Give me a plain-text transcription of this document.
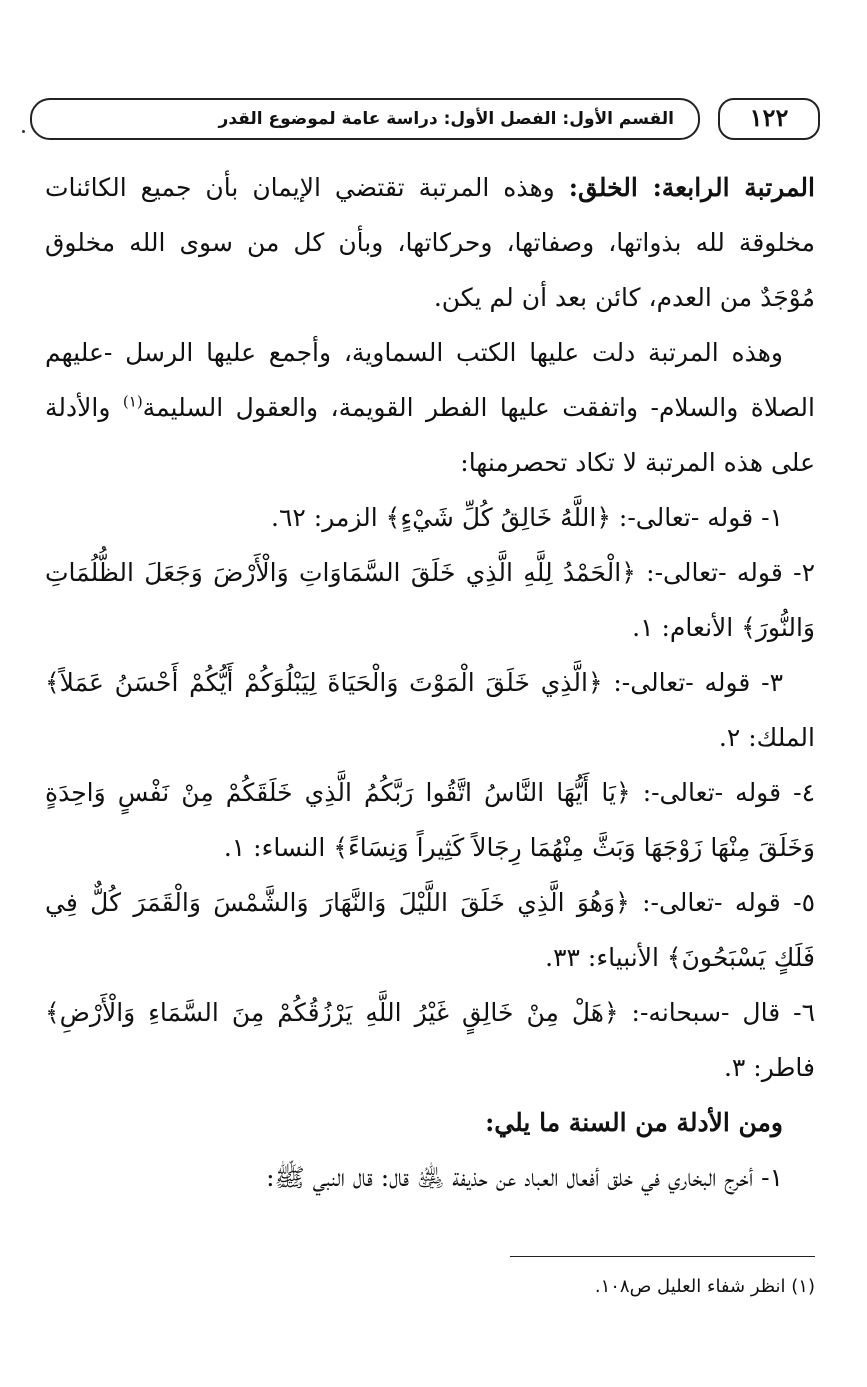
القسم الأول: الفصل الأول: دراسة عامة لموضوع القدر	١٢٢

المرتبة الرابعة: الخلق: وهذه المرتبة تقتضي الإيمان بأن جميع الكائنات مخلوقة لله بذواتها، وصفاتها، وحركاتها، وبأن كل من سوى الله مخلوق مُوْجَدٌ من العدم، كائن بعد أن لم يكن.

وهذه المرتبة دلت عليها الكتب السماوية، وأجمع عليها الرسل -عليهم الصلاة والسلام- واتفقت عليها الفطر القويمة، والعقول السليمة$^{(١)}$ والأدلة على هذه المرتبة لا تكاد تحصرمنها:

١- قوله -تعالى-: ﴿اللَّهُ خَالِقُ كُلِّ شَيْءٍ﴾ الزمر: ٦٢.

٢- قوله -تعالى-: ﴿الْحَمْدُ لِلَّهِ الَّذِي خَلَقَ السَّمَاوَاتِ وَالْأَرْضَ وَجَعَلَ الظُّلُمَاتِ وَالنُّورَ﴾ الأنعام: ١.

٣- قوله -تعالى-: ﴿الَّذِي خَلَقَ الْمَوْتَ وَالْحَيَاةَ لِيَبْلُوَكُمْ أَيُّكُمْ أَحْسَنُ عَمَلاً﴾ الملك: ٢.

٤- قوله -تعالى-: ﴿يَا أَيُّهَا النَّاسُ اتَّقُوا رَبَّكُمُ الَّذِي خَلَقَكُمْ مِنْ نَفْسٍ وَاحِدَةٍ وَخَلَقَ مِنْهَا زَوْجَهَا وَبَثَّ مِنْهُمَا رِجَالاً كَثِيراً وَنِسَاءً﴾ النساء: ١.

٥- قوله -تعالى-: ﴿وَهُوَ الَّذِي خَلَقَ اللَّيْلَ وَالنَّهَارَ وَالشَّمْسَ وَالْقَمَرَ كُلٌّ فِي فَلَكٍ يَسْبَحُونَ﴾ الأنبياء: ٣٣.

٦- قال -سبحانه-: ﴿هَلْ مِنْ خَالِقٍ غَيْرُ اللَّهِ يَرْزُقُكُمْ مِنَ السَّمَاءِ وَالْأَرْضِ﴾ فاطر: ٣.

ومن الأدلة من السنة ما يلي:

١- أخرج البخاري في خلق أفعال العباد عن حذيفة ﵁ قال: قال النبي ﷺ:

(١) انظر شفاء العليل ص١٠٨.
